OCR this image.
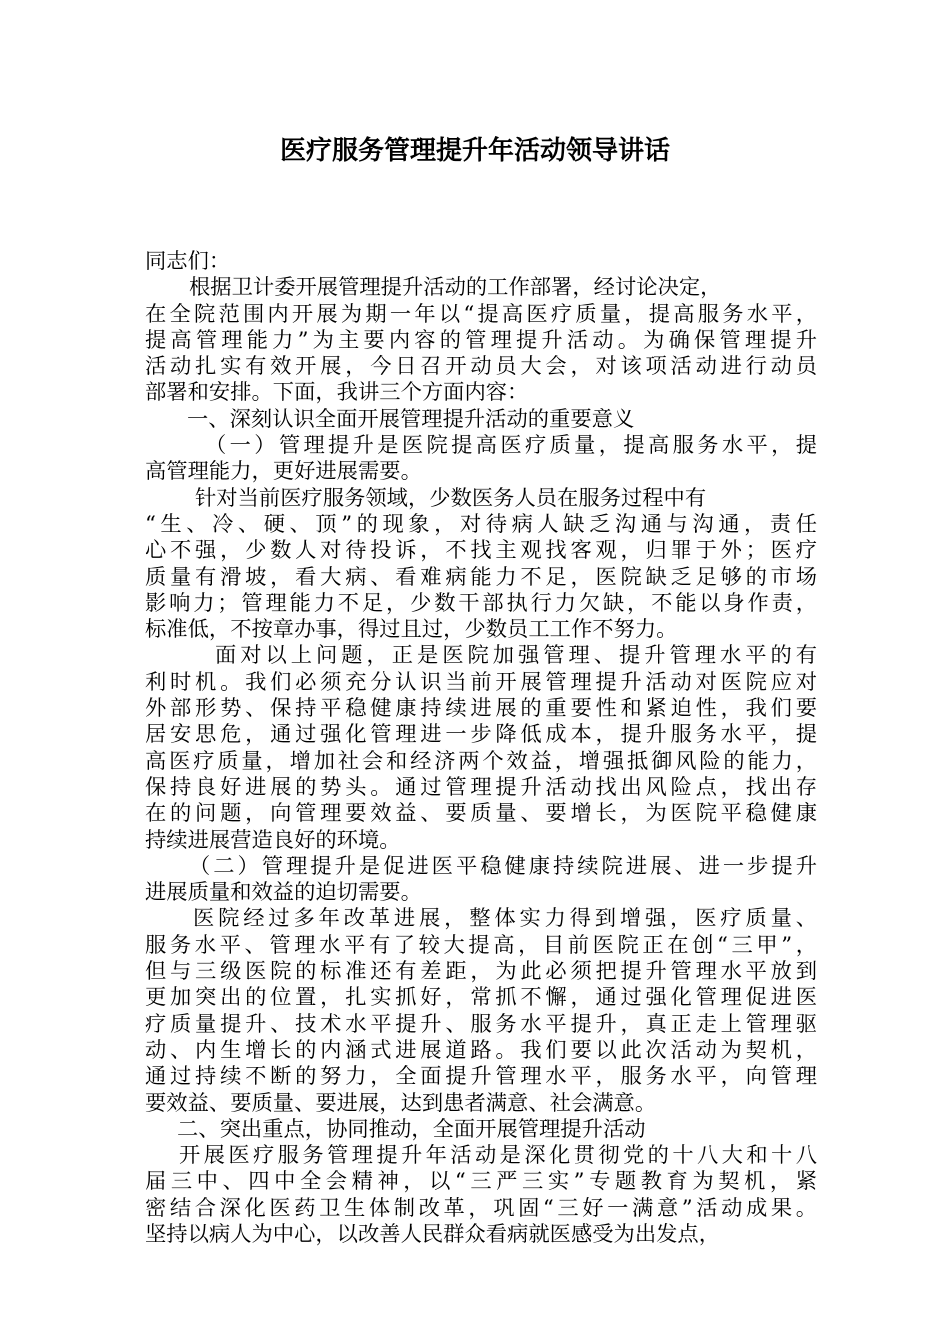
医疗服务管理提升年活动领导讲话
同志们：
根据卫计委开展管理提升活动的工作部署，经讨论决定，
在全院范围内开展为期一年以“提高医疗质量，提高服务水平，
提高管理能力”为主要内容的管理提升活动。为确保管理提升
活动扎实有效开展，今日召开动员大会，对该项活动进行动员
部署和安排。下面，我讲三个方面内容：
一、深刻认识全面开展管理提升活动的重要意义
（一）管理提升是医院提高医疗质量，提高服务水平，提
高管理能力，更好进展需要。
针对当前医疗服务领域，少数医务人员在服务过程中有
“生、冷、硬、顶”的现象，对待病人缺乏沟通与沟通，责任
心不强，少数人对待投诉，不找主观找客观，归罪于外；医疗
质量有滑坡，看大病、看难病能力不足，医院缺乏足够的市场
影响力；管理能力不足，少数干部执行力欠缺，不能以身作责，
标准低，不按章办事，得过且过，少数员工工作不努力。
面对以上问题，正是医院加强管理、提升管理水平的有
利时机。我们必须充分认识当前开展管理提升活动对医院应对
外部形势、保持平稳健康持续进展的重要性和紧迫性，我们要
居安思危，通过强化管理进一步降低成本，提升服务水平，提
高医疗质量，增加社会和经济两个效益，增强抵御风险的能力，
保持良好进展的势头。通过管理提升活动找出风险点，找出存
在的问题，向管理要效益、要质量、要增长，为医院平稳健康
持续进展营造良好的环境。
（二）管理提升是促进医平稳健康持续院进展、进一步提升
进展质量和效益的迫切需要。
医院经过多年改革进展，整体实力得到增强，医疗质量、
服务水平、管理水平有了较大提高，目前医院正在创“三甲”，
但与三级医院的标准还有差距，为此必须把提升管理水平放到
更加突出的位置，扎实抓好，常抓不懈，通过强化管理促进医
疗质量提升、技术水平提升、服务水平提升，真正走上管理驱
动、内生增长的内涵式进展道路。我们要以此次活动为契机，
通过持续不断的努力，全面提升管理水平，服务水平，向管理
要效益、要质量、要进展，达到患者满意、社会满意。
二、突出重点，协同推动，全面开展管理提升活动
开展医疗服务管理提升年活动是深化贯彻党的十八大和十八
届三中、四中全会精神，以“三严三实”专题教育为契机，紧
密结合深化医药卫生体制改革，巩固“三好一满意”活动成果。
坚持以病人为中心，以改善人民群众看病就医感受为出发点，
